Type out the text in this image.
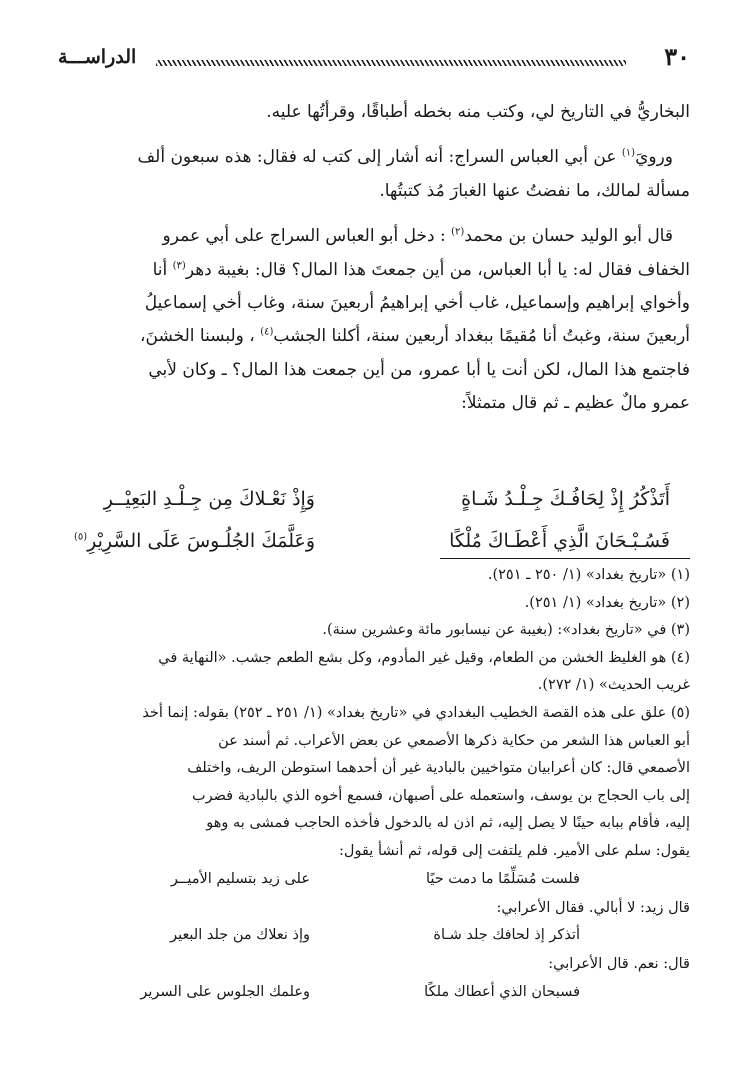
٣٠
الدراســـة

البخاريُّ في التاريخ لي، وكتب منه بخطه أطباقًا، وقرأتُها عليه.

 ورويَ$^{(١)}$ عن أبي العباس السراج: أنه أشار إلى كتب له فقال: هذه سبعون ألف
مسألة لمالك، ما نفضتُ عنها الغبارَ مُذ كتبتُها.

 قال أبو الوليد حسان بن محمد$^{(٢)}$ : دخل أبو العباس السراج على أبي عمرو
الخفاف فقال له: يا أبا العباس، من أين جمعتَ هذا المال؟ قال: بغيبة دهر$^{(٣)}$ أنا
وأخواي إبراهيم وإسماعيل، غاب أخي إبراهيمُ أربعينَ سنة، وغاب أخي إسماعيلُ
أربعينَ سنة، وغبتُ أنا مُقيمًا ببغداد أربعين سنة، أكلنا الجشب$^{(٤)}$ ، ولبسنا الخشنَ،
فاجتمع هذا المال، لكن أنت يا أبا عمرو، من أين جمعت هذا المال؟ ـ وكان لأبي
عمرو مالٌ عظيم ـ ثم قال متمثلاً:

أَتَذْكُرُ إِذْ لِحَافُـكَ جِـلْـدُ شَـاةٍ
وَإِذْ نَعْـلاكَ مِن جِـلْـدِ البَعِيْــرِ
فَسُـبْـحَانَ الَّذِي أَعْطَـاكَ مُلْكًا
وَعَلَّمَكَ الجُلُـوسَ عَلَى السَّرِيْرِ$^{(٥)}$

(١) «تاريخ بغداد» (١/ ٢٥٠ ـ ٢٥١).

(٢) «تاريخ بغداد» (١/ ٢٥١).

(٣) في «تاريخ بغداد»: (بغيبة عن نيسابور مائة وعشرين سنة).

(٤) هو الغليظ الخشن من الطعام، وقيل غير المأدوم، وكل بشع الطعم جشب. «النهاية في
غريب الحديث» (١/ ٢٧٢).
(٥) علق على هذه القصة الخطيب البغدادي في «تاريخ بغداد» (١/ ٢٥١ ـ ٢٥٢) بقوله: إنما أخذ
أبو العباس هذا الشعر من حكاية ذكرها الأصمعي عن بعض الأعراب. ثم أسند عن
الأصمعي قال: كان أعرابيان متواخيين بالبادية غير أن أحدهما استوطن الريف، واختلف
إلى باب الحجاج بن يوسف، واستعمله على أصبهان، فسمع أخوه الذي بالبادية فضرب
إليه، فأقام ببابه حينًا لا يصل إليه، ثم اذن له بالدخول فأخذه الحاجب فمشى به وهو
يقول: سلم على الأمير. فلم يلتفت إلى قوله، ثم أنشأ يقول:
فلست مُسَلِّمًا ما دمت حيًا
على زيد بتسليم الأميــر
قال زيد: لا أبالي. فقال الأعرابي:
أتذكر إذ لحافك جلد شـاة
وإذ نعلاك من جلد البعير
قال: نعم. قال الأعرابي:
فسبحان الذي أعطاك ملكًا
وعلمك الجلوس على السرير
